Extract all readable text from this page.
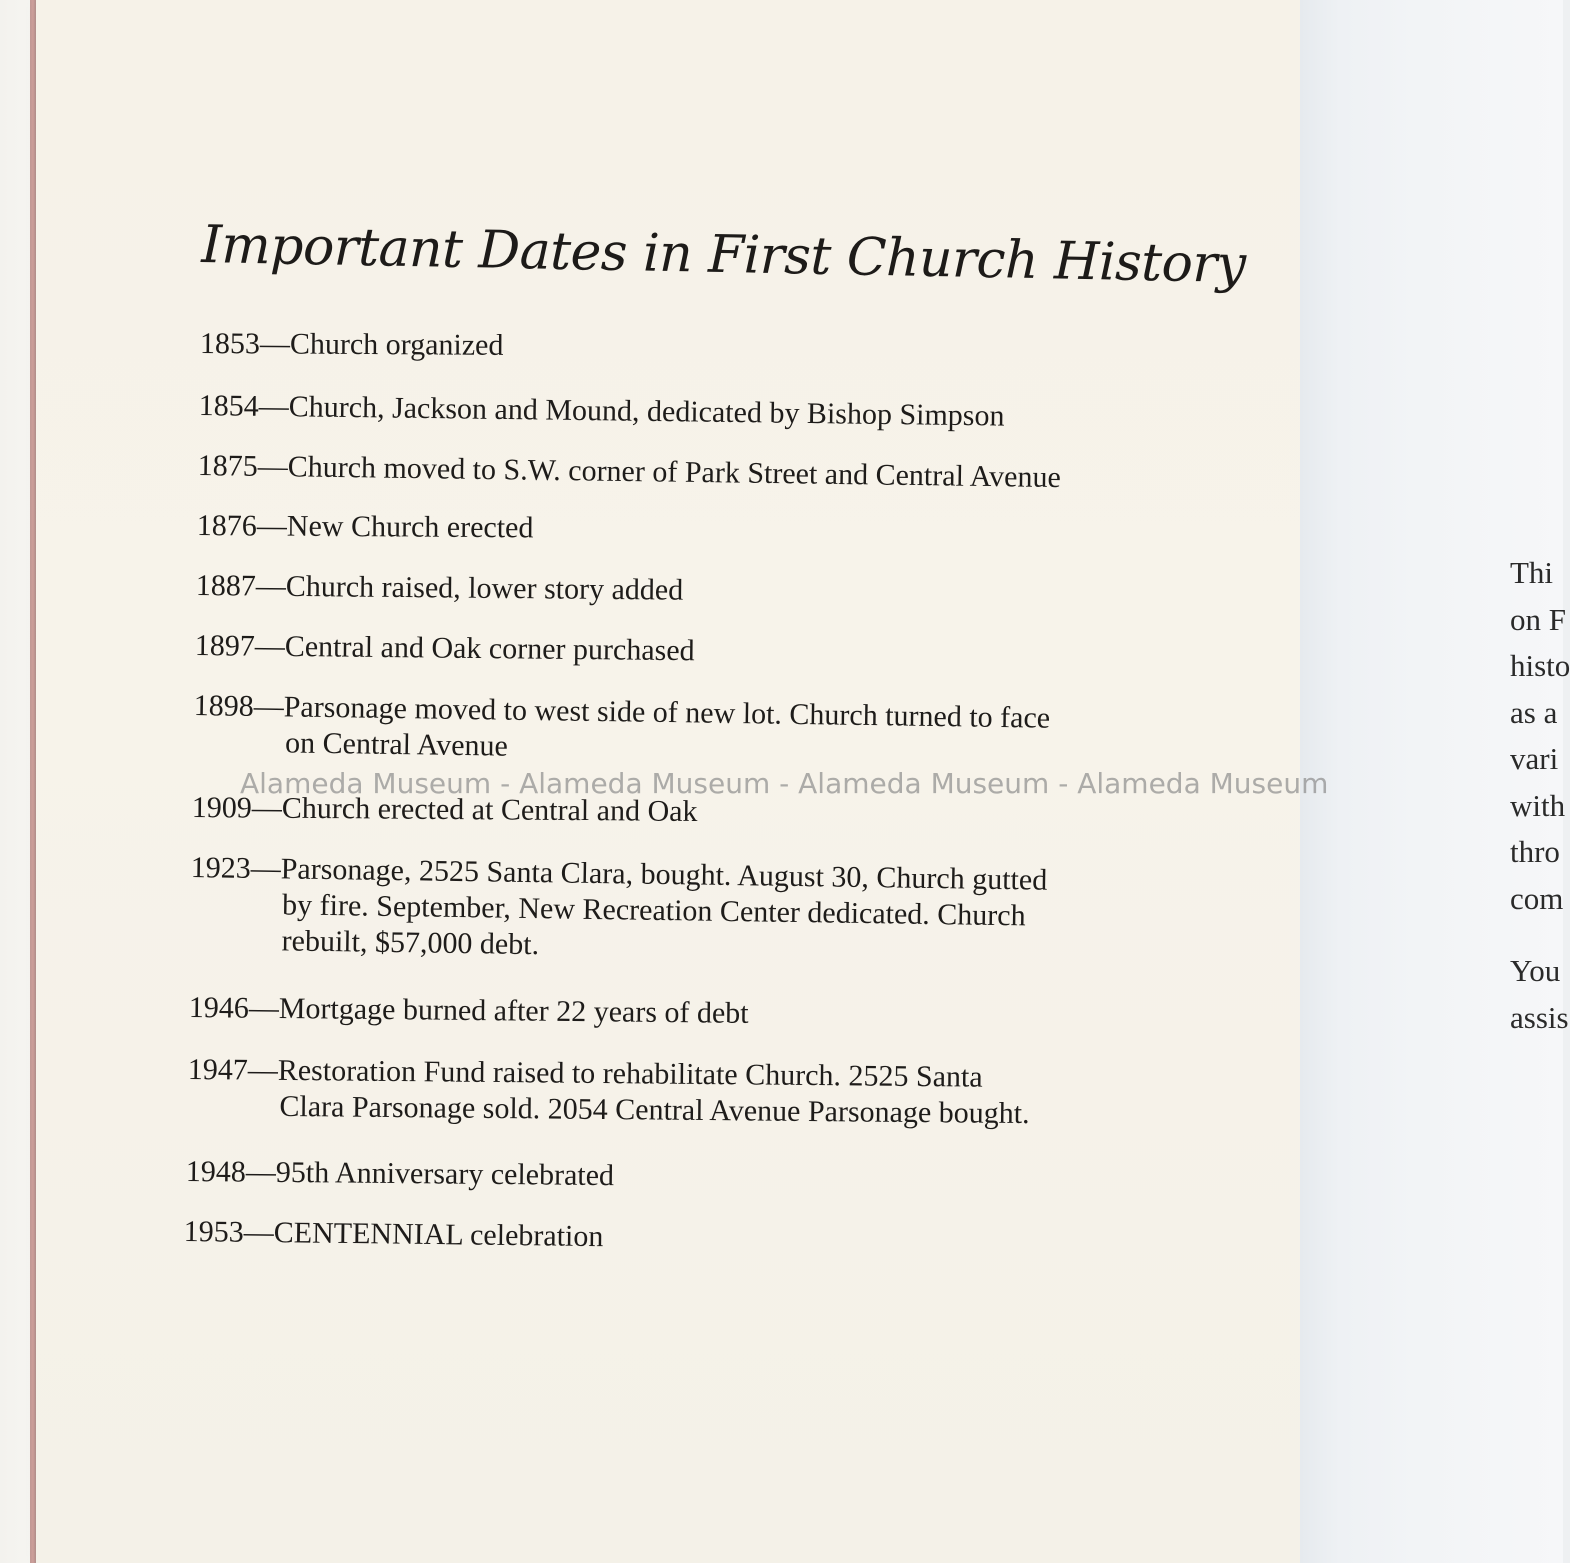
Important Dates in First Church History
1853—Church organized
1854—Church, Jackson and Mound, dedicated by Bishop Simpson
1875—Church moved to S.W. corner of Park Street and Central Avenue
1876—New Church erected
1887—Church raised, lower story added
1897—Central and Oak corner purchased
1898—Parsonage moved to west side of new lot. Church turned to face
on Central Avenue
1909—Church erected at Central and Oak
1923—Parsonage, 2525 Santa Clara, bought. August 30, Church gutted
by fire. September, New Recreation Center dedicated. Church
rebuilt, $57,000 debt.
1946—Mortgage burned after 22 years of debt
1947—Restoration Fund raised to rehabilitate Church. 2525 Santa
Clara Parsonage sold. 2054 Central Avenue Parsonage bought.
1948—95th Anniversary celebrated
1953—CENTENNIAL celebration
Alameda Museum - Alameda Museum - Alameda Museum - Alameda Museum
Thi
on F
histo
as a
vari
with
thro
com
You
assis
